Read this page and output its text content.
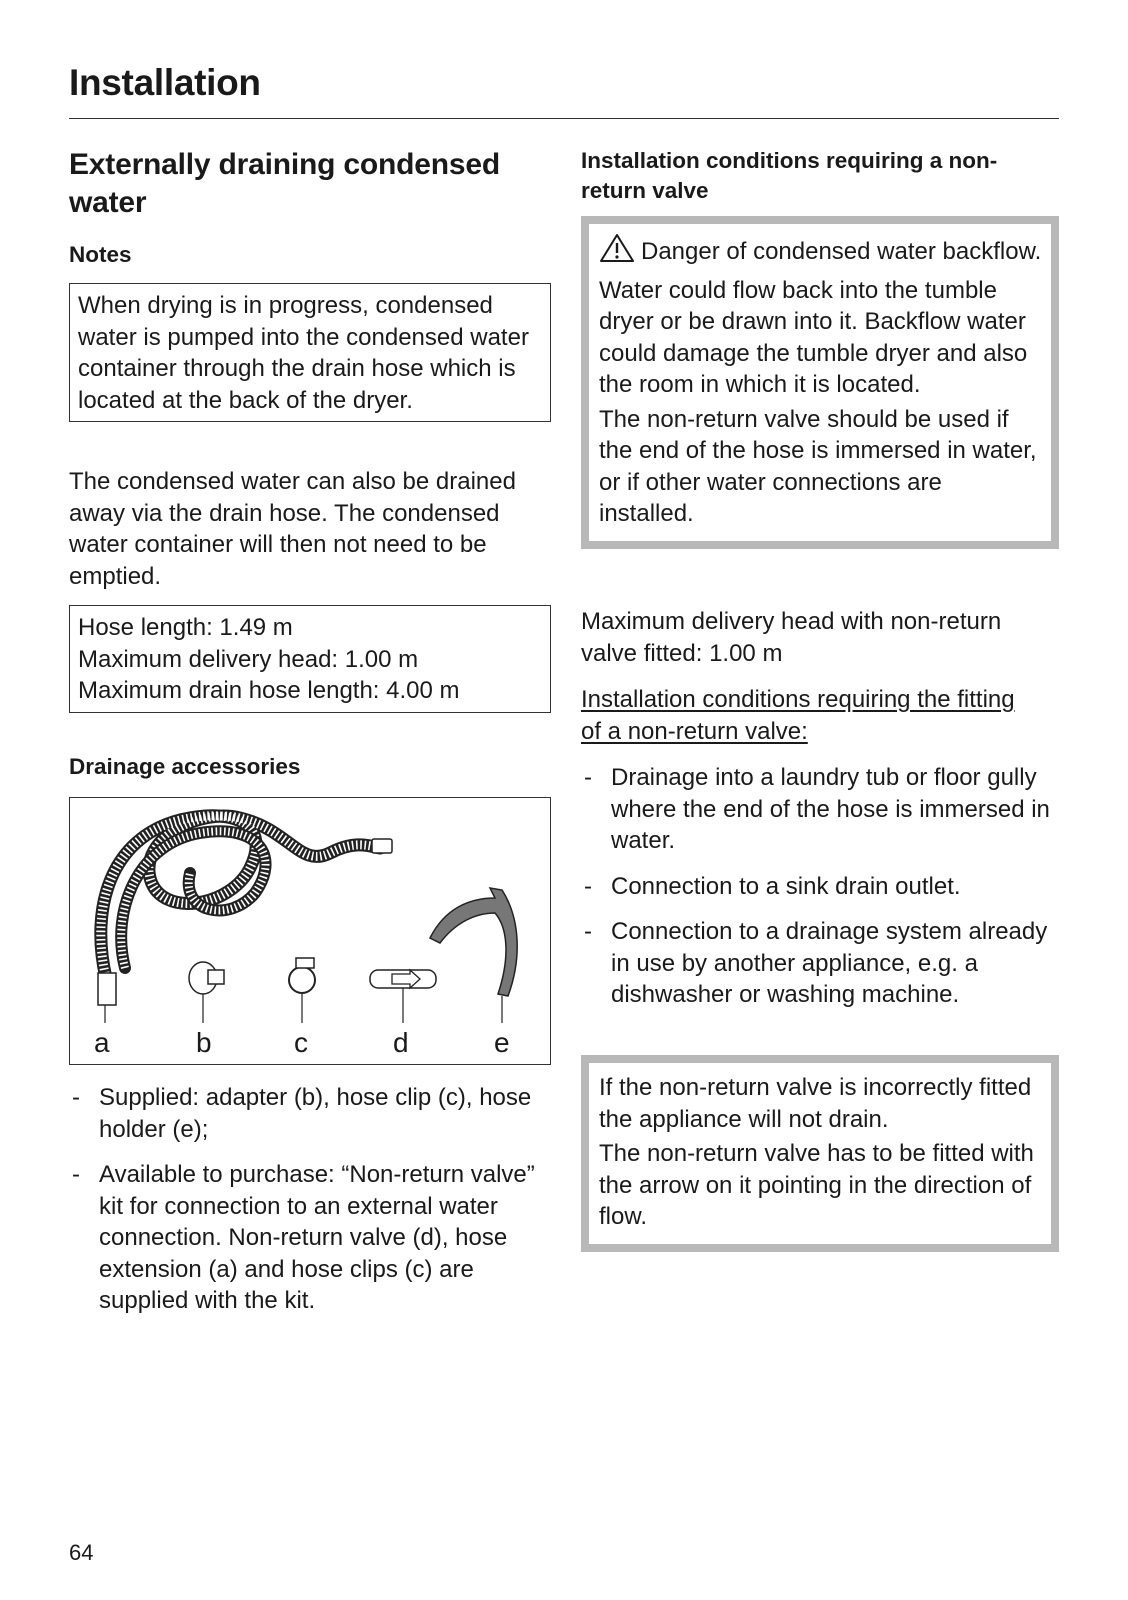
Installation
Externally draining condensed water
Notes
When drying is in progress, condensed water is pumped into the condensed water container through the drain hose which is located at the back of the dryer.
The condensed water can also be drained away via the drain hose. The condensed water container will then not need to be emptied.
Hose length: 1.49 m
Maximum delivery head: 1.00 m
Maximum drain hose length: 4.00 m
Drainage accessories
a	b	c	d	e
- Supplied: adapter (b), hose clip (c), hose holder (e);
- Available to purchase: “Non-return valve” kit for connection to an external water connection. Non-return valve (d), hose extension (a) and hose clips (c) are supplied with the kit.
Installation conditions requiring a non-return valve

Danger of condensed water backflow.

Water could flow back into the tumble dryer or be drawn into it. Backflow water could damage the tumble dryer and also the room in which it is located.

The non-return valve should be used if the end of the hose is immersed in water, or if other water connections are installed.

Maximum delivery head with non-return valve fitted: 1.00 m
Installation conditions requiring the fitting of a non-return valve:
- Drainage into a laundry tub or floor gully where the end of the hose is immersed in water.
- Connection to a sink drain outlet.
- Connection to a drainage system already in use by another appliance, e.g. a dishwasher or washing machine.

If the non-return valve is incorrectly fitted the appliance will not drain.

The non-return valve has to be fitted with the arrow on it pointing in the direction of flow.

64
